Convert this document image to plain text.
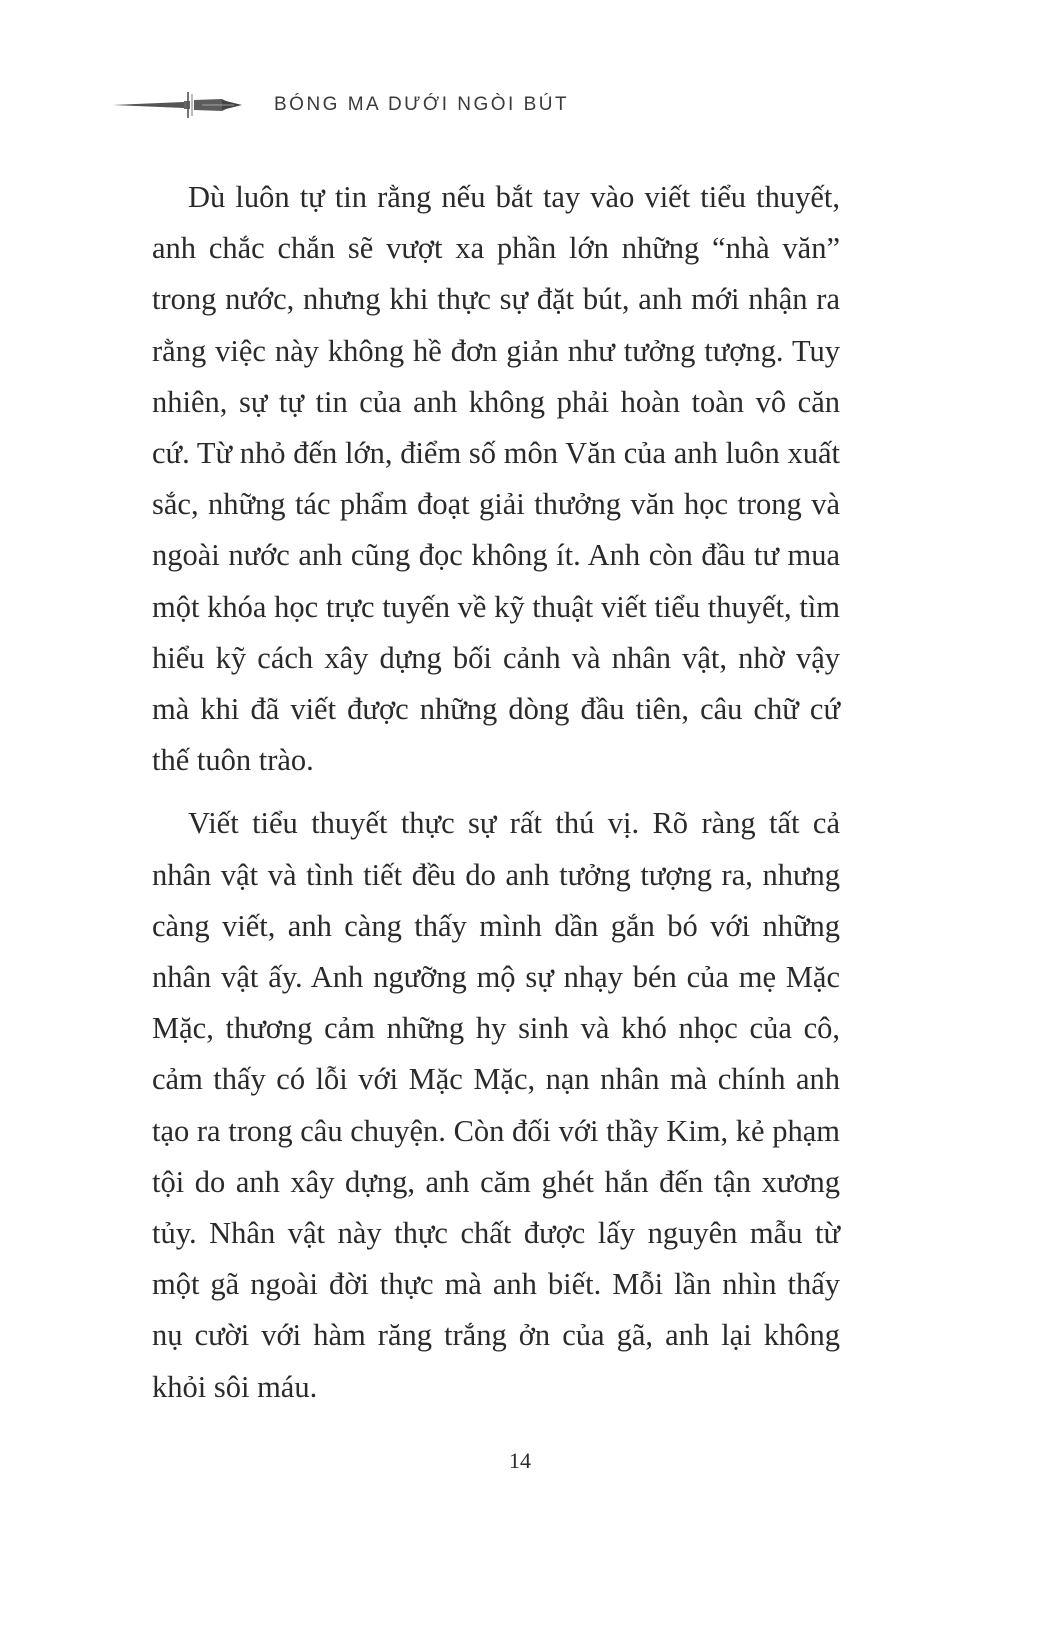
BÓNG MA DƯỚI NGÒI BÚT

Dù luôn tự tin rằng nếu bắt tay vào viết tiểu thuyết, anh chắc chắn sẽ vượt xa phần lớn những “nhà văn” trong nước, nhưng khi thực sự đặt bút, anh mới nhận ra rằng việc này không hề đơn giản như tưởng tượng. Tuy nhiên, sự tự tin của anh không phải hoàn toàn vô căn cứ. Từ nhỏ đến lớn, điểm số môn Văn của anh luôn xuất sắc, những tác phẩm đoạt giải thưởng văn học trong và ngoài nước anh cũng đọc không ít. Anh còn đầu tư mua một khóa học trực tuyến về kỹ thuật viết tiểu thuyết, tìm hiểu kỹ cách xây dựng bối cảnh và nhân vật, nhờ vậy mà khi đã viết được những dòng đầu tiên, câu chữ cứ thế tuôn trào.

Viết tiểu thuyết thực sự rất thú vị. Rõ ràng tất cả nhân vật và tình tiết đều do anh tưởng tượng ra, nhưng càng viết, anh càng thấy mình dần gắn bó với những nhân vật ấy. Anh ngưỡng mộ sự nhạy bén của mẹ Mặc Mặc, thương cảm những hy sinh và khó nhọc của cô, cảm thấy có lỗi với Mặc Mặc, nạn nhân mà chính anh tạo ra trong câu chuyện. Còn đối với thầy Kim, kẻ phạm tội do anh xây dựng, anh căm ghét hắn đến tận xương tủy. Nhân vật này thực chất được lấy nguyên mẫu từ một gã ngoài đời thực mà anh biết. Mỗi lần nhìn thấy nụ cười với hàm răng trắng ởn của gã, anh lại không khỏi sôi máu.

14
